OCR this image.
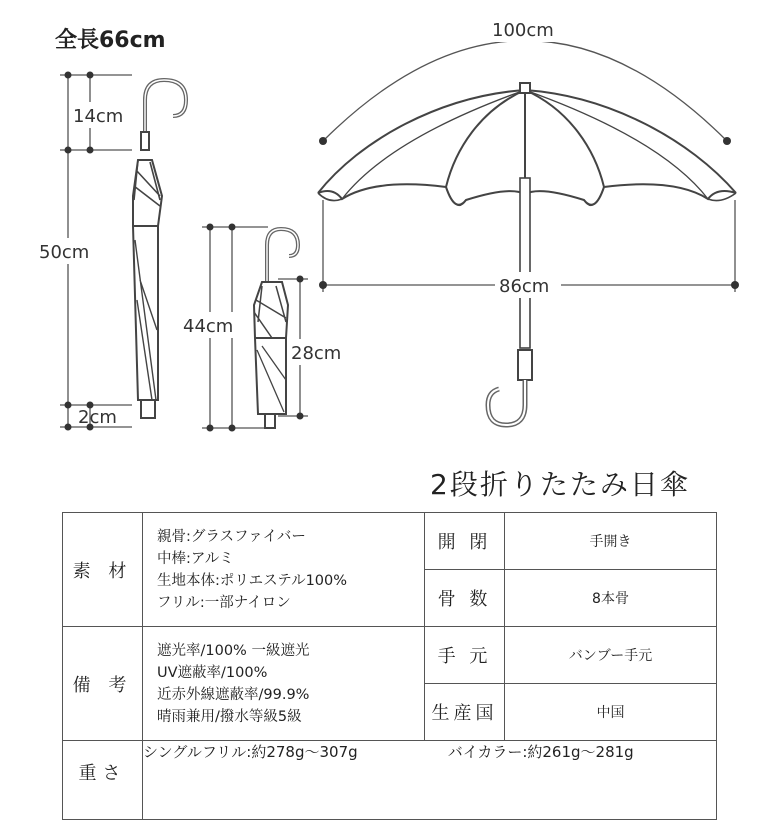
全長66cm
14cm
50cm
2cm
44cm
28cm
100cm
86cm
2段折りたたみ日傘
素 材	親骨:グラスファイバー
中棒:アルミ
生地本体:ポリエステル100%
フリル:一部ナイロン	開 閉	手開き
		骨 数	8本骨
備 考	遮光率/100% 一級遮光
UV遮蔽率/100%
近赤外線遮蔽率/99.9%
晴雨兼用/撥水等級5級	手 元	バンブー手元
		生産国	中国
重さ	シングルフリル:約278g～307g バイカラー:約261g～281g		
